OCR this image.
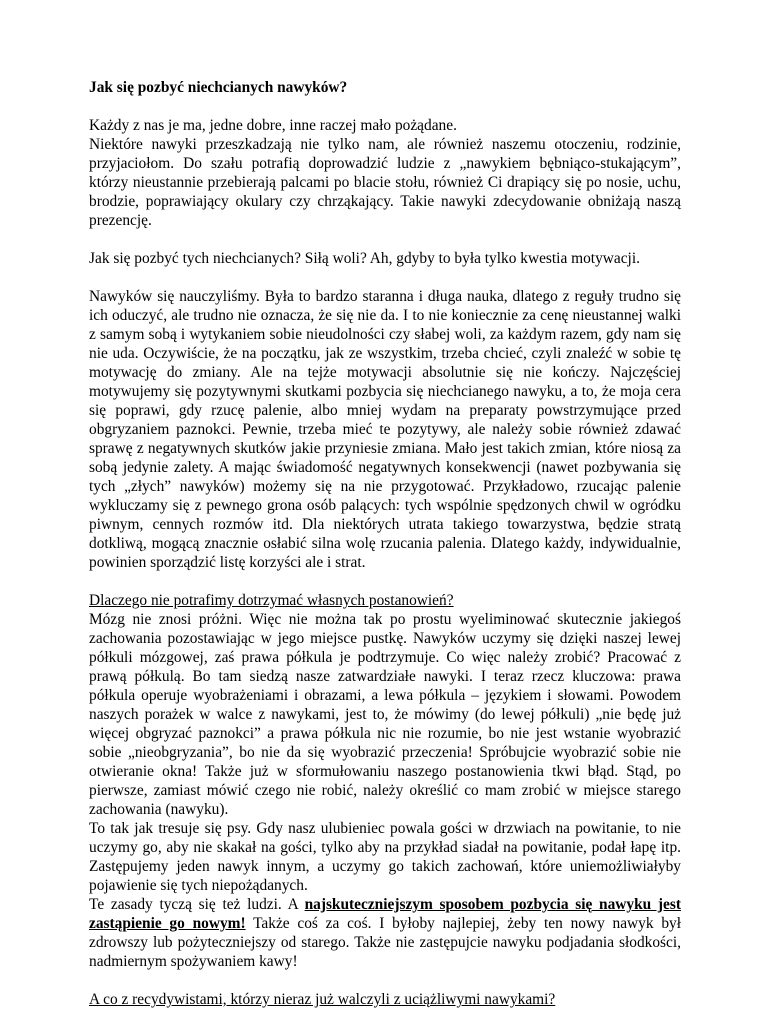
Jak się pozbyć niechcianych nawyków?

Każdy z nas je ma, jedne dobre, inne raczej mało pożądane.

Niektóre nawyki przeszkadzają nie tylko nam, ale również naszemu otoczeniu, rodzinie, przyjaciołom. Do szału potrafią doprowadzić ludzie z „nawykiem bębniąco-stukającym”, którzy nieustannie przebierają palcami po blacie stołu, również Ci drapiący się po nosie, uchu, brodzie, poprawiający okulary czy chrząkający. Takie nawyki zdecydowanie obniżają naszą prezencję.

Jak się pozbyć tych niechcianych? Siłą woli? Ah, gdyby to była tylko kwestia motywacji.

Nawyków się nauczyliśmy. Była to bardzo staranna i długa nauka, dlatego z reguły trudno się ich oduczyć, ale trudno nie oznacza, że się nie da. I to nie koniecznie za cenę nieustannej walki z samym sobą i wytykaniem sobie nieudolności czy słabej woli, za każdym razem, gdy nam się nie uda. Oczywiście, że na początku, jak ze wszystkim, trzeba chcieć, czyli znaleźć w sobie tę motywację do zmiany. Ale na tejże motywacji absolutnie się nie kończy. Najczęściej motywujemy się pozytywnymi skutkami pozbycia się niechcianego nawyku, a to, że moja cera się poprawi, gdy rzucę palenie, albo mniej wydam na preparaty powstrzymujące przed obgryzaniem paznokci. Pewnie, trzeba mieć te pozytywy, ale należy sobie również zdawać sprawę z negatywnych skutków jakie przyniesie zmiana. Mało jest takich zmian, które niosą za sobą jedynie zalety. A mając świadomość negatywnych konsekwencji (nawet pozbywania się tych „złych” nawyków) możemy się na nie przygotować. Przykładowo, rzucając palenie wykluczamy się z pewnego grona osób palących: tych wspólnie spędzonych chwil w ogródku piwnym, cennych rozmów itd. Dla niektórych utrata takiego towarzystwa, będzie stratą dotkliwą, mogącą znacznie osłabić silna wolę rzucania palenia. Dlatego każdy, indywidualnie, powinien sporządzić listę korzyści ale i strat.

Dlaczego nie potrafimy dotrzymać własnych postanowień?

Mózg nie znosi próżni. Więc nie można tak po prostu wyeliminować skutecznie jakiegoś zachowania pozostawiając w jego miejsce pustkę. Nawyków uczymy się dzięki naszej lewej półkuli mózgowej, zaś prawa półkula je podtrzymuje. Co więc należy zrobić? Pracować z prawą półkulą. Bo tam siedzą nasze zatwardziałe nawyki. I teraz rzecz kluczowa: prawa półkula operuje wyobrażeniami i obrazami, a lewa półkula – językiem i słowami. Powodem naszych porażek w walce z nawykami, jest to, że mówimy (do lewej półkuli) „nie będę już więcej obgryzać paznokci” a prawa półkula nic nie rozumie, bo nie jest wstanie wyobrazić sobie „nieobgryzania”, bo nie da się wyobrazić przeczenia! Spróbujcie wyobrazić sobie nie otwieranie okna! Także już w sformułowaniu naszego postanowienia tkwi błąd. Stąd, po pierwsze, zamiast mówić czego nie robić, należy określić co mam zrobić w miejsce starego zachowania (nawyku).

To tak jak tresuje się psy. Gdy nasz ulubieniec powala gości w drzwiach na powitanie, to nie uczymy go, aby nie skakał na gości, tylko aby na przykład siadał na powitanie, podał łapę itp. Zastępujemy jeden nawyk innym, a uczymy go takich zachowań, które uniemożliwiałyby pojawienie się tych niepożądanych.

Te zasady tyczą się też ludzi. A najskuteczniejszym sposobem pozbycia się nawyku jest zastąpienie go nowym! Także coś za coś. I byłoby najlepiej, żeby ten nowy nawyk był zdrowszy lub pożyteczniejszy od starego. Także nie zastępujcie nawyku podjadania słodkości, nadmiernym spożywaniem kawy!

A co z recydywistami, którzy nieraz już walczyli z uciążliwymi nawykami?
